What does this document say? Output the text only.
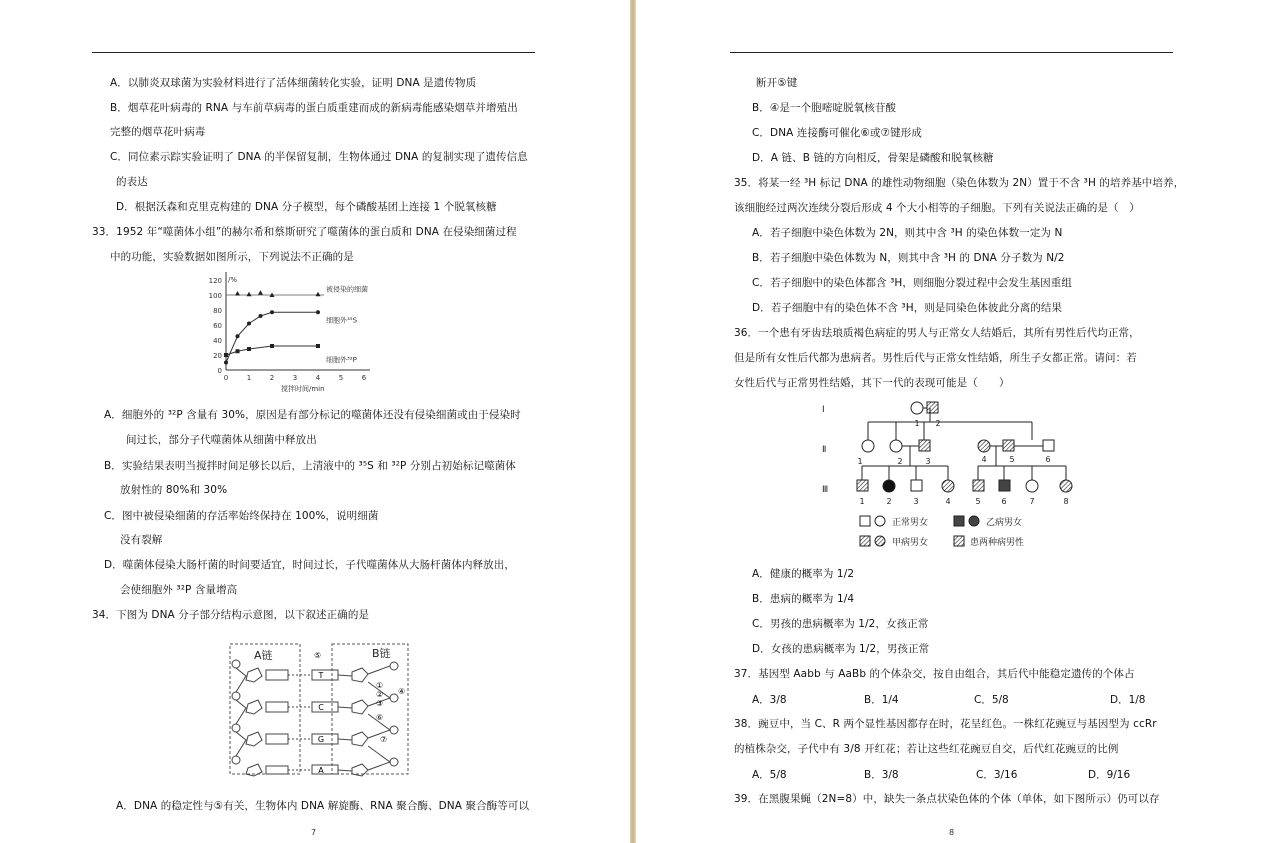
A．以肺炎双球菌为实验材料进行了活体细菌转化实验，证明 DNA 是遗传物质
B．烟草花叶病毒的 RNA 与车前草病毒的蛋白质重建而成的新病毒能感染烟草并增殖出
完整的烟草花叶病毒
C．同位素示踪实验证明了 DNA 的半保留复制，生物体通过 DNA 的复制实现了遗传信息
的表达
D．根据沃森和克里克构建的 DNA 分子模型，每个磷酸基团上连接 1 个脱氧核糖
33．1952 年“噬菌体小组”的赫尔希和蔡斯研究了噬菌体的蛋白质和 DNA 在侵染细菌过程
中的功能，实验数据如图所示，下列说法不正确的是
0
20
40
60
80
100
120
0	1	2	3	4	5	6
/%
搅拌时间/min
被侵染的细菌
细胞外³⁵S
细胞外³²P
A．细胞外的 ³²P 含量有 30%，原因是有部分标记的噬菌体还没有侵染细菌或由于侵染时
间过长，部分子代噬菌体从细菌中释放出
B．实验结果表明当搅拌时间足够长以后，上清液中的 ³⁵S 和 ³²P 分别占初始标记噬菌体
放射性的 80%和 30%
C．图中被侵染细菌的存活率始终保持在 100%，说明细菌
没有裂解
D．噬菌体侵染大肠杆菌的时间要适宜，时间过长，子代噬菌体从大肠杆菌体内释放出，
会使细胞外 ³²P 含量增高
34．下图为 DNA 分子部分结构示意图，以下叙述正确的是
A链	B链
T
C
G
A
⑤
①
②
③
④
⑥
⑦
A．DNA 的稳定性与⑤有关，生物体内 DNA 解旋酶、RNA 聚合酶、DNA 聚合酶等可以
7
断开⑤键
B．④是一个胞嘧啶脱氧核苷酸
C．DNA 连接酶可催化⑥或⑦键形成
D．A 链、B 链的方向相反，骨架是磷酸和脱氧核糖
35．将某一经 ³H 标记 DNA 的雄性动物细胞（染色体数为 2N）置于不含 ³H 的培养基中培养，
该细胞经过两次连续分裂后形成 4 个大小相等的子细胞。下列有关说法正确的是（　）
A．若子细胞中染色体数为 2N，则其中含 ³H 的染色体数一定为 N
B．若子细胞中染色体数为 N，则其中含 ³H 的 DNA 分子数为 N/2
C．若子细胞中的染色体都含 ³H，则细胞分裂过程中会发生基因重组
D．若子细胞中有的染色体不含 ³H，则是同染色体彼此分离的结果
36．一个患有牙齿珐琅质褐色病症的男人与正常女人结婚后，其所有男性后代均正常，
但是所有女性后代都为患病者。男性后代与正常女性结婚，所生子女都正常。请问：若
女性后代与正常男性结婚，其下一代的表现可能是（　　）
Ⅰ
Ⅱ
Ⅲ
1 2
1	2	3	4	5	6
1	2	3	4	5	6	7	8
正常男女	乙病男女
甲病男女	患两种病男性
A．健康的概率为 1/2
B．患病的概率为 1/4
C．男孩的患病概率为 1/2，女孩正常
D．女孩的患病概率为 1/2，男孩正常
37．基因型 Aabb 与 AaBb 的个体杂交，按自由组合，其后代中能稳定遗传的个体占
A．3/8	B．1/4	C．5/8	D．1/8
38．豌豆中，当 C、R 两个显性基因都存在时，花呈红色。一株红花豌豆与基因型为 ccRr
的植株杂交，子代中有 3/8 开红花；若让这些红花豌豆自交，后代红花豌豆的比例
A．5/8	B．3/8	C．3/16	D．9/16
39．在黑腹果蝇（2N=8）中，缺失一条点状染色体的个体（单体，如下图所示）仍可以存
8
